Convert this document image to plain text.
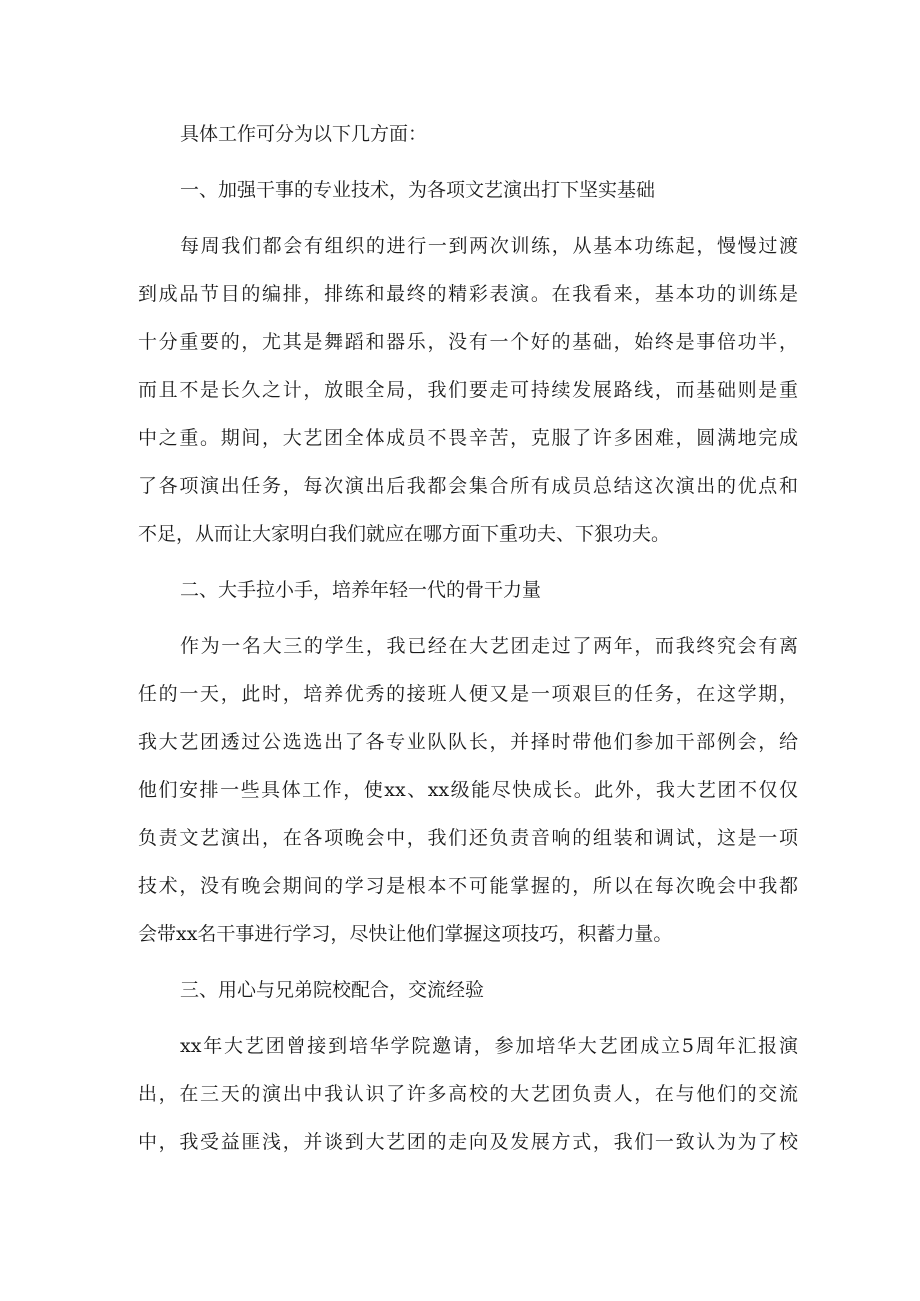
具体工作可分为以下几方面：

一、加强干事的专业技术，为各项文艺演出打下坚实基础

每周我们都会有组织的进行一到两次训练，从基本功练起，慢慢过渡

到成品节目的编排，排练和最终的精彩表演。在我看来，基本功的训练是

十分重要的，尤其是舞蹈和器乐，没有一个好的基础，始终是事倍功半，

而且不是长久之计，放眼全局，我们要走可持续发展路线，而基础则是重

中之重。期间，大艺团全体成员不畏辛苦，克服了许多困难，圆满地完成

了各项演出任务，每次演出后我都会集合所有成员总结这次演出的优点和

不足，从而让大家明白我们就应在哪方面下重功夫、下狠功夫。

二、大手拉小手，培养年轻一代的骨干力量

作为一名大三的学生，我已经在大艺团走过了两年，而我终究会有离

任的一天，此时，培养优秀的接班人便又是一项艰巨的任务，在这学期，

我大艺团透过公选选出了各专业队队长，并择时带他们参加干部例会，给

他们安排一些具体工作，使xx、xx级能尽快成长。此外，我大艺团不仅仅

负责文艺演出，在各项晚会中，我们还负责音响的组装和调试，这是一项

技术，没有晚会期间的学习是根本不可能掌握的，所以在每次晚会中我都

会带xx名干事进行学习，尽快让他们掌握这项技巧，积蓄力量。

三、用心与兄弟院校配合，交流经验

xx年大艺团曾接到培华学院邀请，参加培华大艺团成立5周年汇报演

出，在三天的演出中我认识了许多高校的大艺团负责人，在与他们的交流

中，我受益匪浅，并谈到大艺团的走向及发展方式，我们一致认为为了校
